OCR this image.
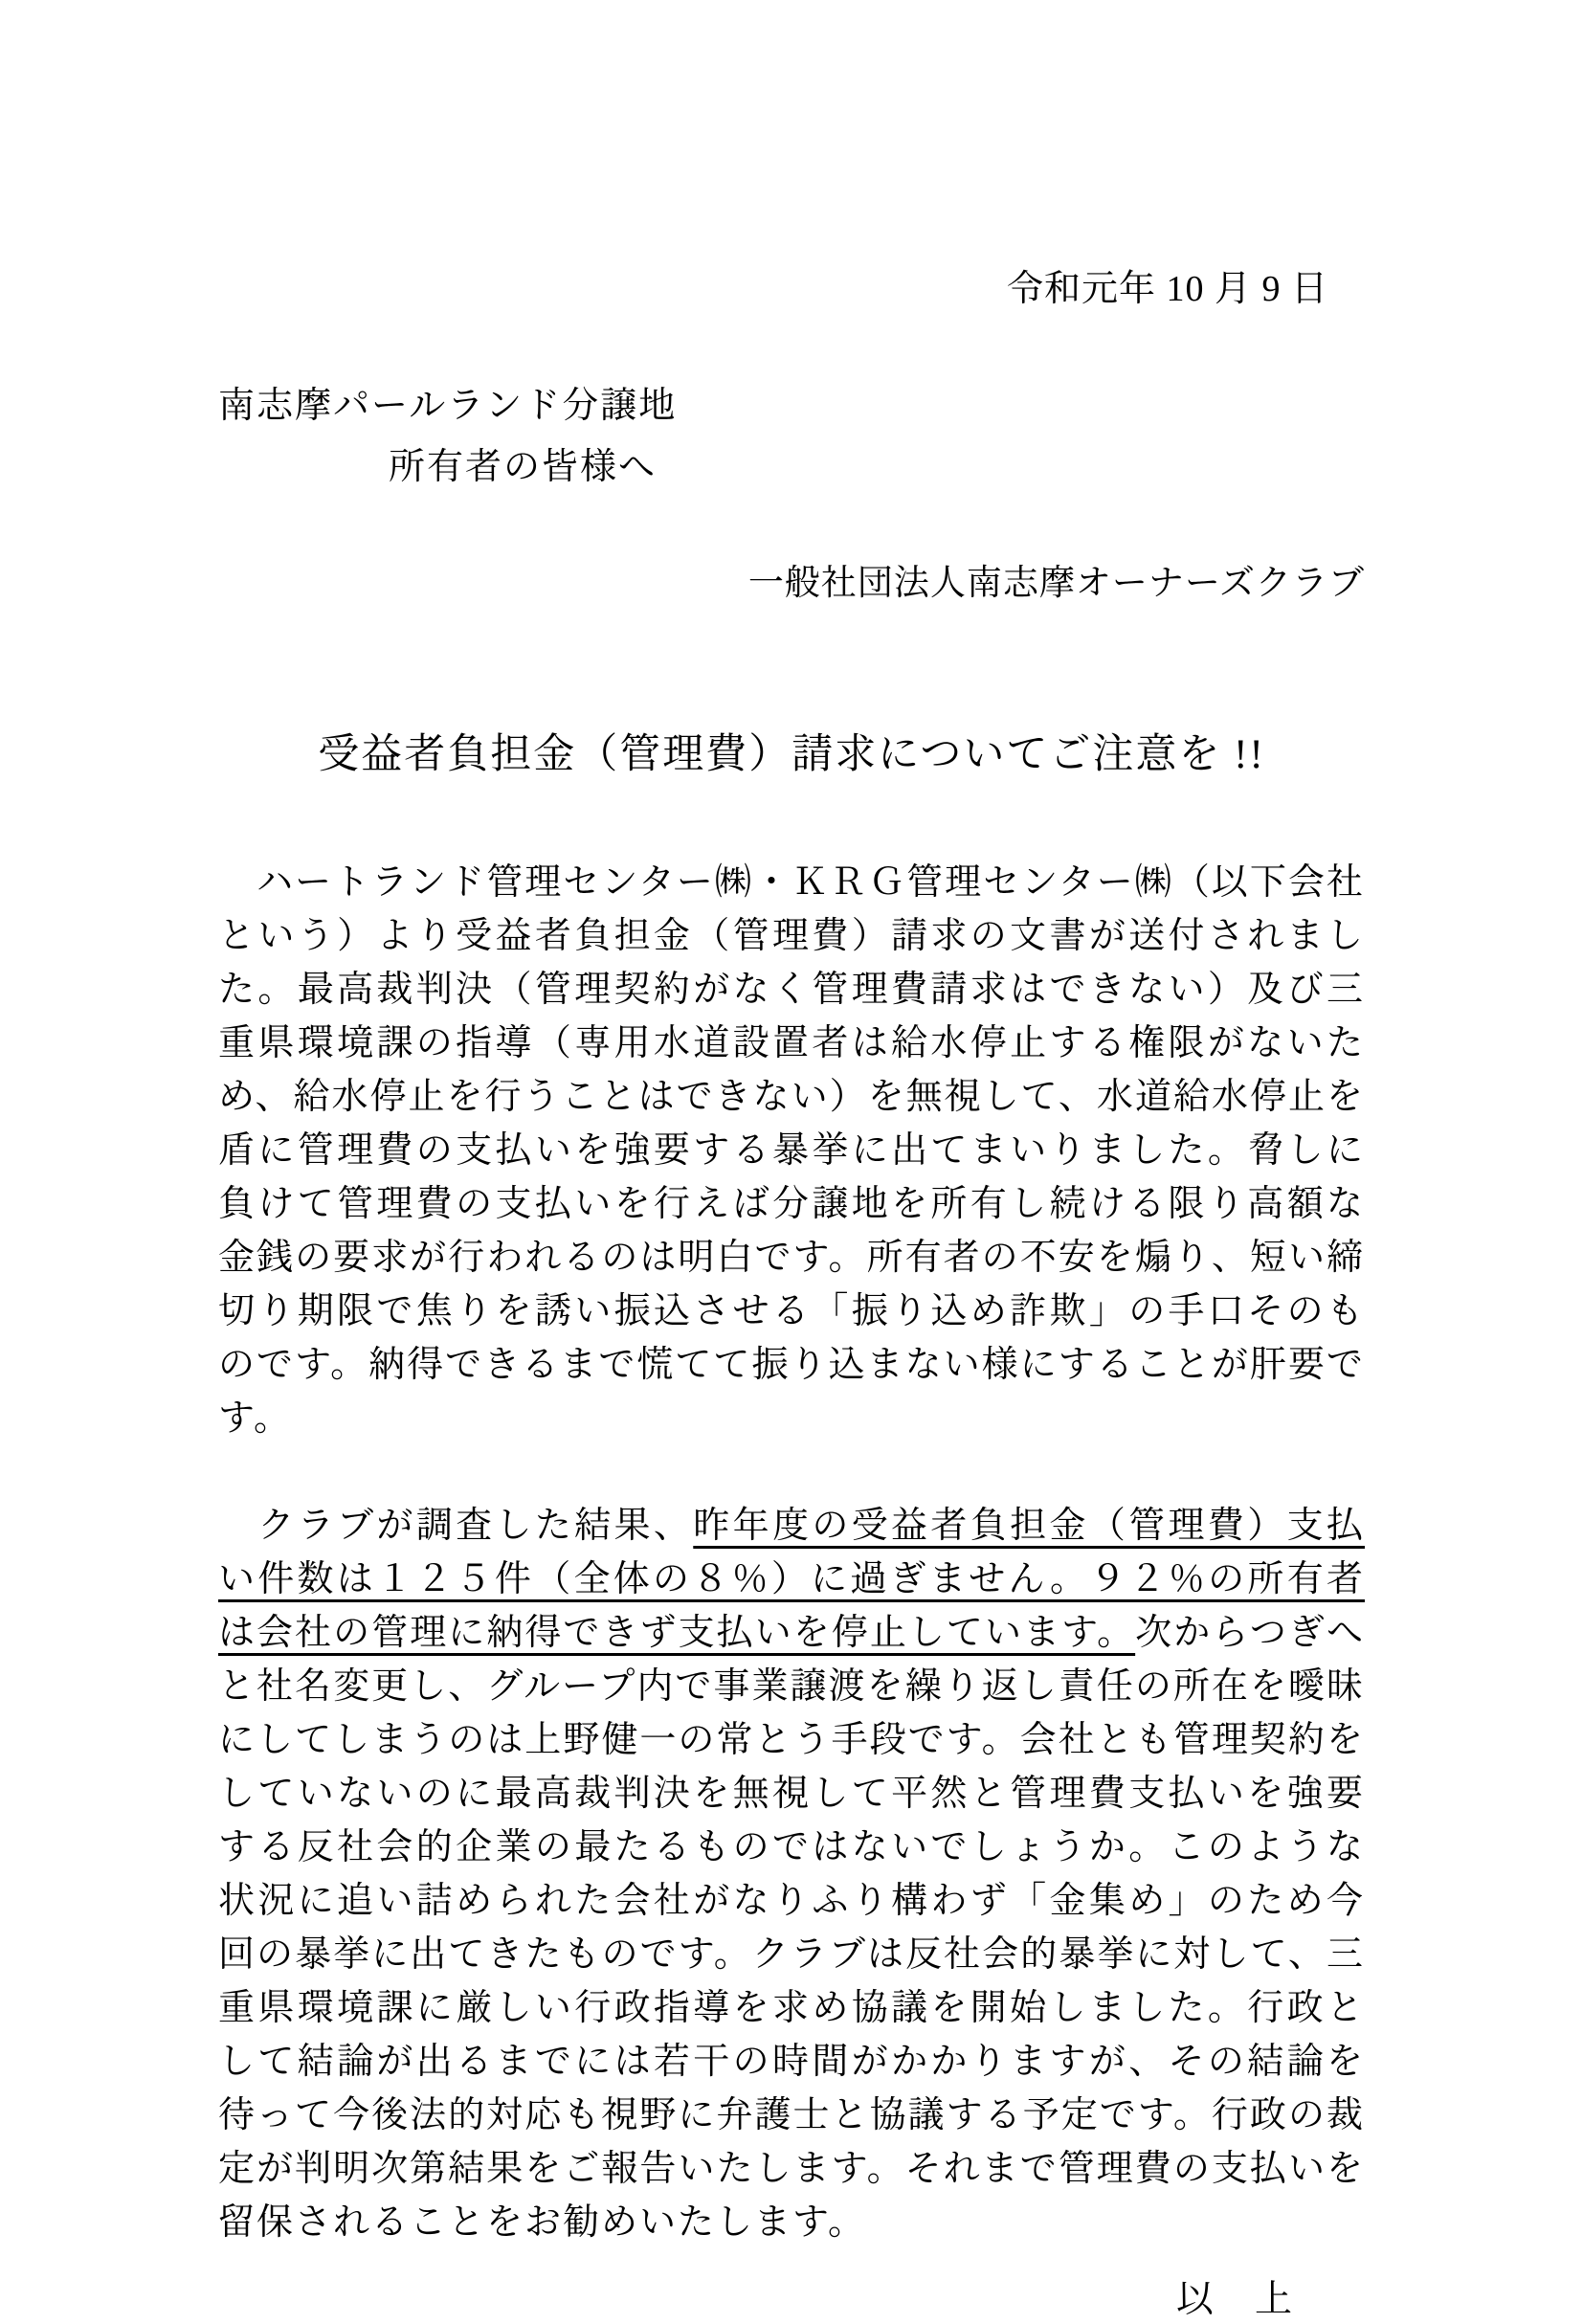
令和元年 10 月 9 日
南志摩パールランド分譲地
所有者の皆様へ
一般社団法人南志摩オーナーズクラブ
受益者負担金（管理費）請求についてご注意を !!

　ハートランド管理センター㈱・ＫＲＧ管理センター㈱（以下会社という）より受益者負担金（管理費）請求の文書が送付されました。最高裁判決（管理契約がなく管理費請求はできない）及び三重県環境課の指導（専用水道設置者は給水停止する権限がないため、給水停止を行うことはできない）を無視して、水道給水停止を盾に管理費の支払いを強要する暴挙に出てまいりました。脅しに負けて管理費の支払いを行えば分譲地を所有し続ける限り高額な金銭の要求が行われるのは明白です。所有者の不安を煽り、短い締切り期限で焦りを誘い振込させる「振り込め詐欺」の手口そのものです。納得できるまで慌てて振り込まない様にすることが肝要です。

　クラブが調査した結果、昨年度の受益者負担金（管理費）支払い件数は１２５件（全体の８％）に過ぎません。９２％の所有者は会社の管理に納得できず支払いを停止しています。次からつぎへと社名変更し、グループ内で事業譲渡を繰り返し責任の所在を曖昧にしてしまうのは上野健一の常とう手段です。会社とも管理契約をしていないのに最高裁判決を無視して平然と管理費支払いを強要する反社会的企業の最たるものではないでしょうか。このような状況に追い詰められた会社がなりふり構わず「金集め」のため今回の暴挙に出てきたものです。クラブは反社会的暴挙に対して、三重県環境課に厳しい行政指導を求め協議を開始しました。行政として結論が出るまでには若干の時間がかかりますが、その結論を待って今後法的対応も視野に弁護士と協議する予定です。行政の裁定が判明次第結果をご報告いたします。それまで管理費の支払いを留保されることをお勧めいたします。

以　上
